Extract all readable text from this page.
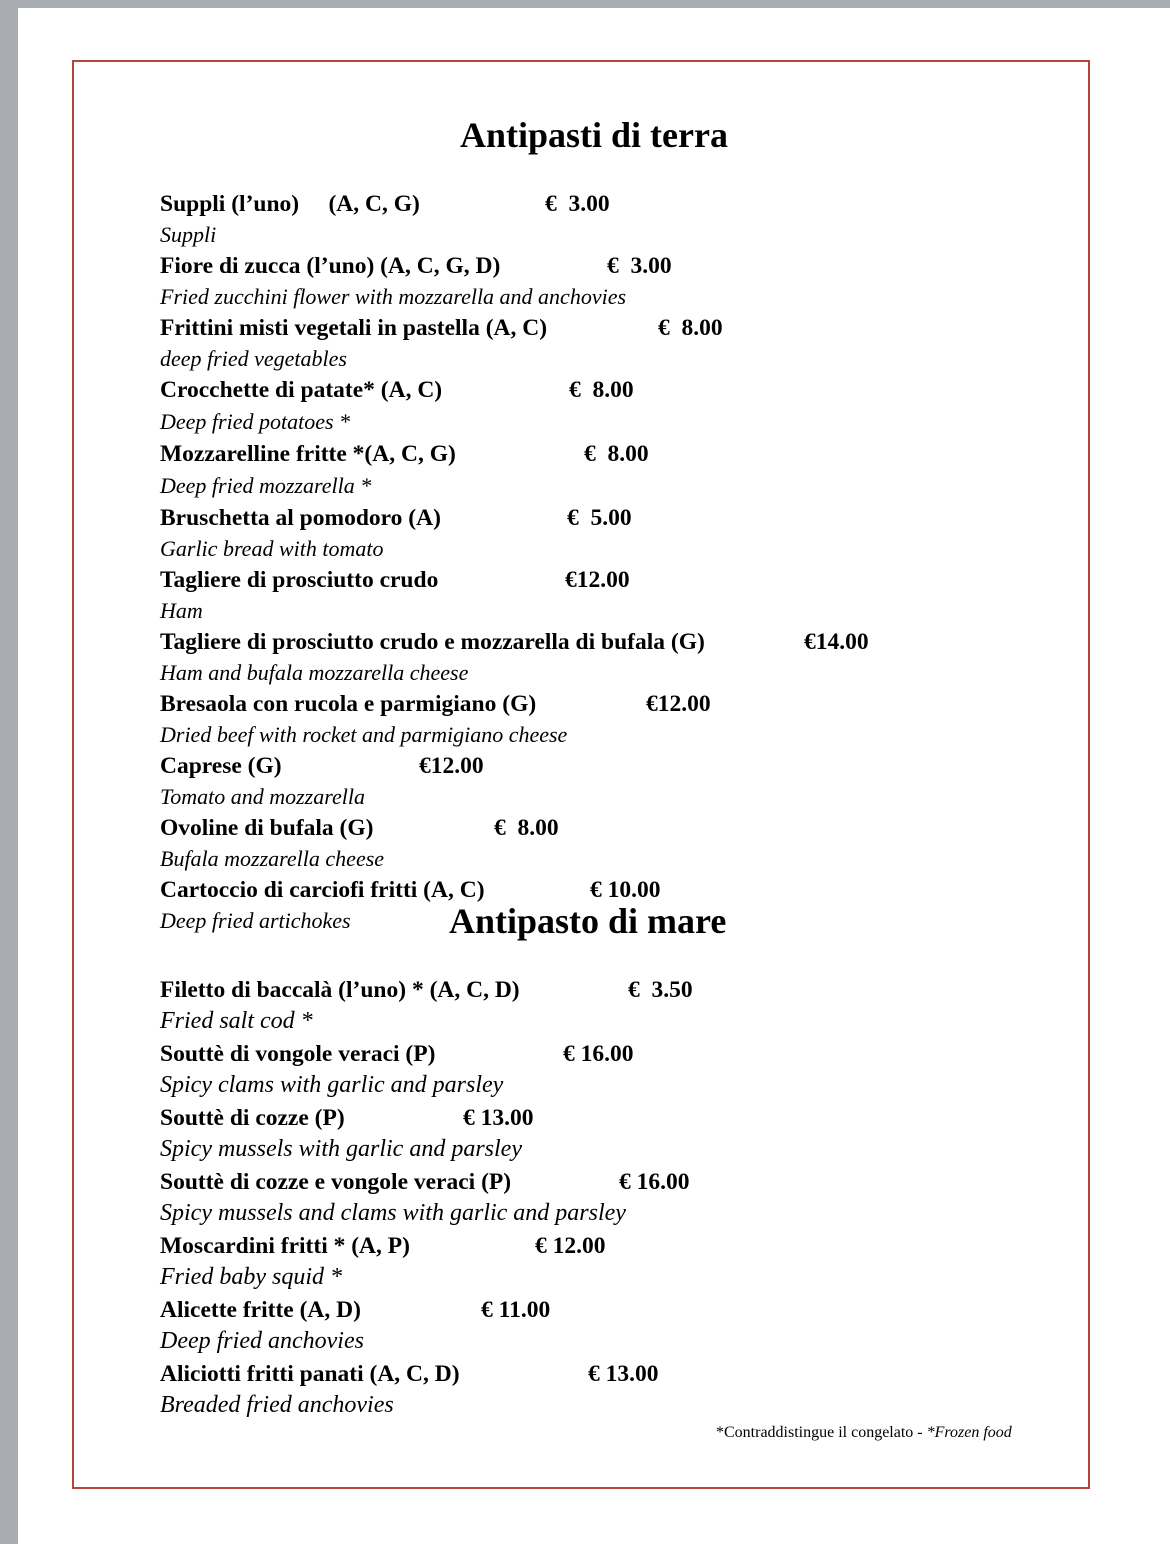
Antipasti di terra
Suppli (l’uno)     (A, C, G)	€  3.00
Suppli
Fiore di zucca (l’uno) (A, C, G, D)	€  3.00
Fried zucchini flower with mozzarella and anchovies
Frittini misti vegetali in pastella (A, C)	€  8.00
deep fried vegetables
Crocchette di patate* (A, C)	€  8.00
Deep fried potatoes *
Mozzarelline fritte *(A, C, G)	€  8.00
Deep fried mozzarella *
Bruschetta al pomodoro (A)	€  5.00
Garlic bread with tomato
Tagliere di prosciutto crudo	€12.00
Ham
Tagliere di prosciutto crudo e mozzarella di bufala (G)	€14.00
Ham and bufala mozzarella cheese
Bresaola con rucola e parmigiano (G)	€12.00
Dried beef with rocket and parmigiano cheese
Caprese (G)	€12.00
Tomato and mozzarella
Ovoline di bufala (G)	€  8.00
Bufala mozzarella cheese
Cartoccio di carciofi fritti (A, C)	€ 10.00
Deep fried artichokes	Antipasto di mare
Filetto di baccalà (l’uno) * (A, C, D)	€  3.50
Fried salt cod *
Souttè di vongole veraci (P)	€ 16.00
Spicy clams with garlic and parsley
Souttè di cozze (P)	€ 13.00
Spicy mussels with garlic and parsley
Souttè di cozze e vongole veraci (P)	€ 16.00
Spicy mussels and clams with garlic and parsley
Moscardini fritti * (A, P)	€ 12.00
Fried baby squid *
Alicette fritte (A, D)	€ 11.00
Deep fried anchovies
Aliciotti fritti panati (A, C, D)	€ 13.00
Breaded fried anchovies
*Contraddistingue il congelato - *Frozen food
